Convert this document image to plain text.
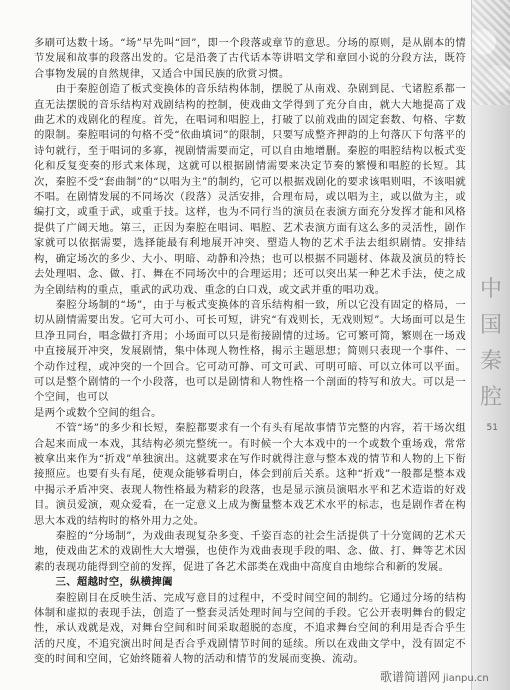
中
国
秦
腔
51

多刷可达数十场。“场”早先叫“回”，即一个段落或章节的意思。分场的原则，是从剧本的情节发展和故事的段落出发的。它是沿袭了古代话本等讲唱文学和章回小说的分段方法，既符合事物发展的自然规律，又适合中国民族的欣赏习惯。

由于秦腔创造了板式变换体的音乐结构体制，摆脱了从南戏、杂剧到昆、弋诸腔系都一直无法摆脱的音乐结构对戏剧结构的控制，使戏曲文学得到了充分自由，就大大地提高了戏曲艺术的戏剧化的程度。首先，在唱词和唱腔上，打破了以前戏曲的固定套数、句格、字数的限制。秦腔唱词的句格不受“依曲填词”的限制，只要写成整齐押韵的上句落仄下句落平的诗句就行，至于唱词的多寡，视剧情需要而定，可以自由地增删。秦腔的唱腔结构以板式变化和反复变奏的形式来体现，这就可以根据剧情需要来决定节奏的繁慢和唱腔的长短。其次，秦腔不受“套曲制”的“以唱为主”的制约，它可以根据戏剧化的要求该唱则唱，不该唱就不唱。在剧情发展的不同场次（段落）灵活安排，合理布局，或以唱为主，或以做为主，或编打文，或重于武，或重于技。这样，也为不同行当的演员在表演方面充分发挥才能和风格提供了广阔天地。第三，正因为秦腔在唱词、唱腔、艺术表演方面有这么多的灵活性，剧作家就可以依据需要，选择能最有利地展开冲突、塑造人物的艺术手法去组织剧情。安排结构，确定场次的多少、大小、明暗、动静和冷热；也可以根据不同题材、体裁及演员的特长去处理唱、念、做、打、舞在不同场次中的合理运用；还可以突出某一种艺术手法，使之成为全剧结构的重点，重武的武功戏、重念的白口戏，或文武并重的唱功戏。

秦腔分场制的“场”，由于与板式变换体的音乐结构相一致，所以它没有固定的格局，一切从剧情需要出发。它可大可小、可长可短，讲究“有戏则长，无戏则短”。大场面可以是生旦净丑同台，唱念做打齐用；小场面可以只是衔接剧情的过场。它可繁可简，繁则在一场戏中直接展开冲突，发展剧情，集中体现人物性格，揭示主题思想；简则只表现一个事件、一个动作过程，或冲突的一个回合。它可动可静、可文可武、可明可暗、可以立体可以平面。可以是整个剧情的一个小段落，也可以是剧情和人物性格一个剖面的特写和放大。可以是一个空间，也可以

是两个或数个空间的组合。

不管“场”的多少和长短，秦腔都要求有一个有头有尾故事情节完整的内容，若干场次组合起来而成一本戏，其结构必须完整统一。有时候一个大本戏中的一个或数个重场戏，常常被拿出来作为“折戏”单独演出。这就要求在写作时就得注意与整本戏的情节和人物的上下衔接照应。也要有头有尾，使观众能够看明白，体会到前后关系。这种“折戏”一般都是整本戏中揭示矛盾冲突、表现人物性格最为精彩的段落，也是显示演员演唱水平和艺术造诣的好戏目。演员爱演，观众爱看，在一定意义上成为衡量整本戏艺术水平的标志，也是剧作者在构思大本戏的结构时的格外用力之处。

秦腔的“分场制”，为戏曲表现复杂多变、千姿百态的社会生活提供了十分宽阔的艺术天地，使戏曲艺术的戏剧性大大增强，也使作为戏曲表现手段的唱、念、做、打、舞等艺术因素的表现功能得到空前的发挥，促进了各艺术部类在戏曲中高度自由地综合和新的发展。

三、超越时空，纵横捭阖

秦腔剧目在反映生活、完成写意目的过程中，不受时间空间的制约。它通过分场的结构体制和虚拟的表现手法，创造了一整套灵活处理时间与空间的手段。它公开表明舞台的假定性，承认戏就是戏，对舞台空间和时间采取超脱的态度，不追求舞台空间的利用是否合乎生活的尺度，不追究演出时间是否合乎戏剧情节时间的延续。所以在戏曲文学中，没有固定不变的时间和空间，它始终随着人物的活动和情节的发展而变换、流动。

歌谱简谱网 jianpu.cn
